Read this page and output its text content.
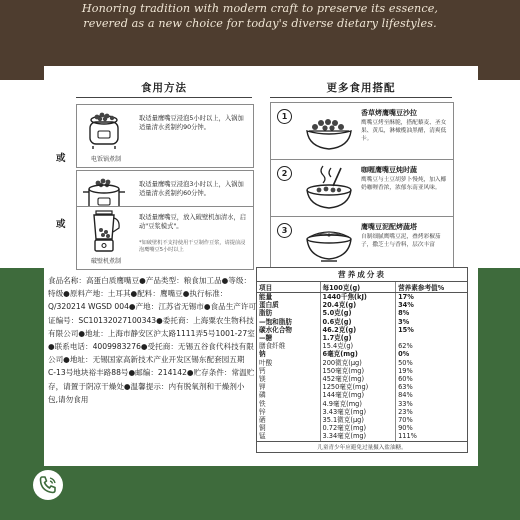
Honoring tradition with modern craft to preserve its essence,
revered as a new choice for today's diverse dietary lifestyles.
食用方法
电饭锅煮制
取适量鹰嘴豆浸泡5小时以上，入锅加适量清水煮制约90分钟。
或
取适量鹰嘴豆浸泡3小时以上，入锅加适量清水煮制约60分钟。
或
破壁机煮制
取适量鹰嘴豆，放入破壁机加清水，启动"豆浆模式"。
*如破壁机不支持使用干豆制作豆浆，请提前浸泡鹰嘴豆5小时以上
更多食用搭配
1	香草烤鹰嘴豆沙拉
鹰嘴豆烤至酥脆，搭配藜麦、圣女果、黄瓜，淋橄榄油黑醋，清爽低卡。
2	咖喱鹰嘴豆炖时蔬
鹰嘴豆与土豆胡萝卜慢炖，加入椰奶咖喱香浓，浓郁东南亚风味。
3	鹰嘴豆泥配烤蔬塔
自制细腻鹰嘴豆泥，叠烤彩椒茄子，撒芝士与香料，层次丰富
食品名称：高蛋白质鹰嘴豆●产品类型：粮食加工品●等级：
特级●原料产地：土耳其●配料：鹰嘴豆●执行标准：
Q/320214 WGSD 004●产地：江苏省无锡市●食品生产许可
证编号：SC10132027100343●委托商：上海粟农生物科技
有限公司●地址：上海市静安区沪太路1111弄5号1001-27室
●联系电话：4009983276●受托商：无锡五谷食代科技有限
公司●地址：无锡国家高新技术产业开发区锡东配套园五期
C-13号地块裕丰路88号●邮编：214142●贮存条件：常温贮
存，请置于阴凉干燥处●温馨提示：内有脱氧剂和干燥剂小
包,请勿食用
营养成分表
项目	每100克(g)	营养素参考值%
能量	1440千焦(kJ)	17%
蛋白质	20.4克(g)	34%
脂肪	5.0克(g)	8%
—饱和脂肪	0.6克(g)	3%
碳水化合物	46.2克(g)	15%
—糖	1.7克(g)	
膳食纤维	15.4克(g)	62%
钠	6毫克(mg)	0%
叶酸	200微克(μg)	50%
钙	150毫克(mg)	19%
镁	452毫克(mg)	60%
钾	1250毫克(mg)	63%
磷	144毫克(mg)	84%
铁	4.9毫克(mg)	33%
锌	3.43毫克(mg)	23%
硒	35.1微克(μg)	70%
铜	0.72毫克(mg)	90%
锰	3.34毫克(mg)	111%
儿童青少年应避免过量摄入盐油糖。
